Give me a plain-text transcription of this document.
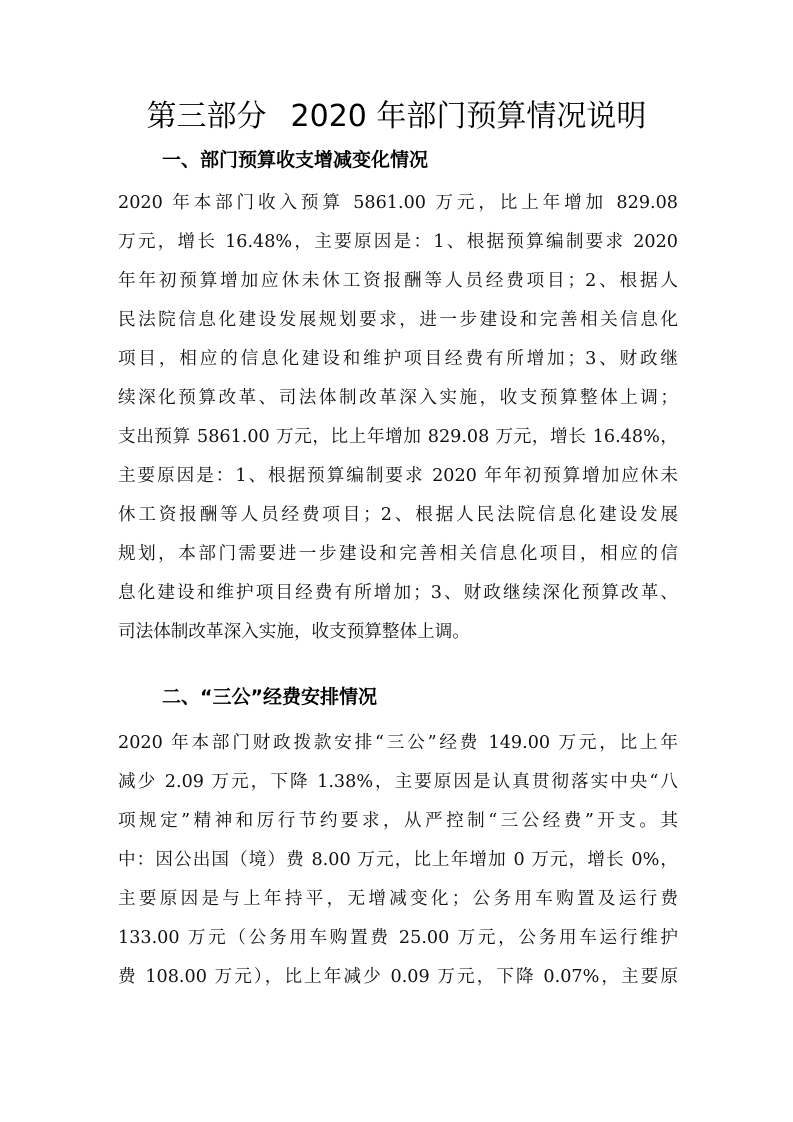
第三部分 2020 年部门预算情况说明
一、部门预算收支增减变化情况
2020 年本部门收入预算 5861.00 万元，比上年增加 829.08
万元，增长 16.48%，主要原因是：1、根据预算编制要求 2020
年年初预算增加应休未休工资报酬等人员经费项目；2、根据人
民法院信息化建设发展规划要求，进一步建设和完善相关信息化
项目，相应的信息化建设和维护项目经费有所增加；3、财政继
续深化预算改革、司法体制改革深入实施，收支预算整体上调；
支出预算 5861.00 万元，比上年增加 829.08 万元，增长 16.48%，
主要原因是：1、根据预算编制要求 2020 年年初预算增加应休未
休工资报酬等人员经费项目；2、根据人民法院信息化建设发展
规划，本部门需要进一步建设和完善相关信息化项目，相应的信
息化建设和维护项目经费有所增加；3、财政继续深化预算改革、
司法体制改革深入实施，收支预算整体上调。
二、“三公”经费安排情况
2020 年本部门财政拨款安排“三公”经费 149.00 万元，比上年
减少 2.09 万元，下降 1.38%，主要原因是认真贯彻落实中央“八
项规定”精神和厉行节约要求，从严控制“三公经费”开支。其
中：因公出国（境）费 8.00 万元，比上年增加 0 万元，增长 0%，
主要原因是与上年持平，无增减变化；公务用车购置及运行费
133.00 万元（公务用车购置费 25.00 万元，公务用车运行维护
费 108.00 万元），比上年减少 0.09 万元，下降 0.07%，主要原
